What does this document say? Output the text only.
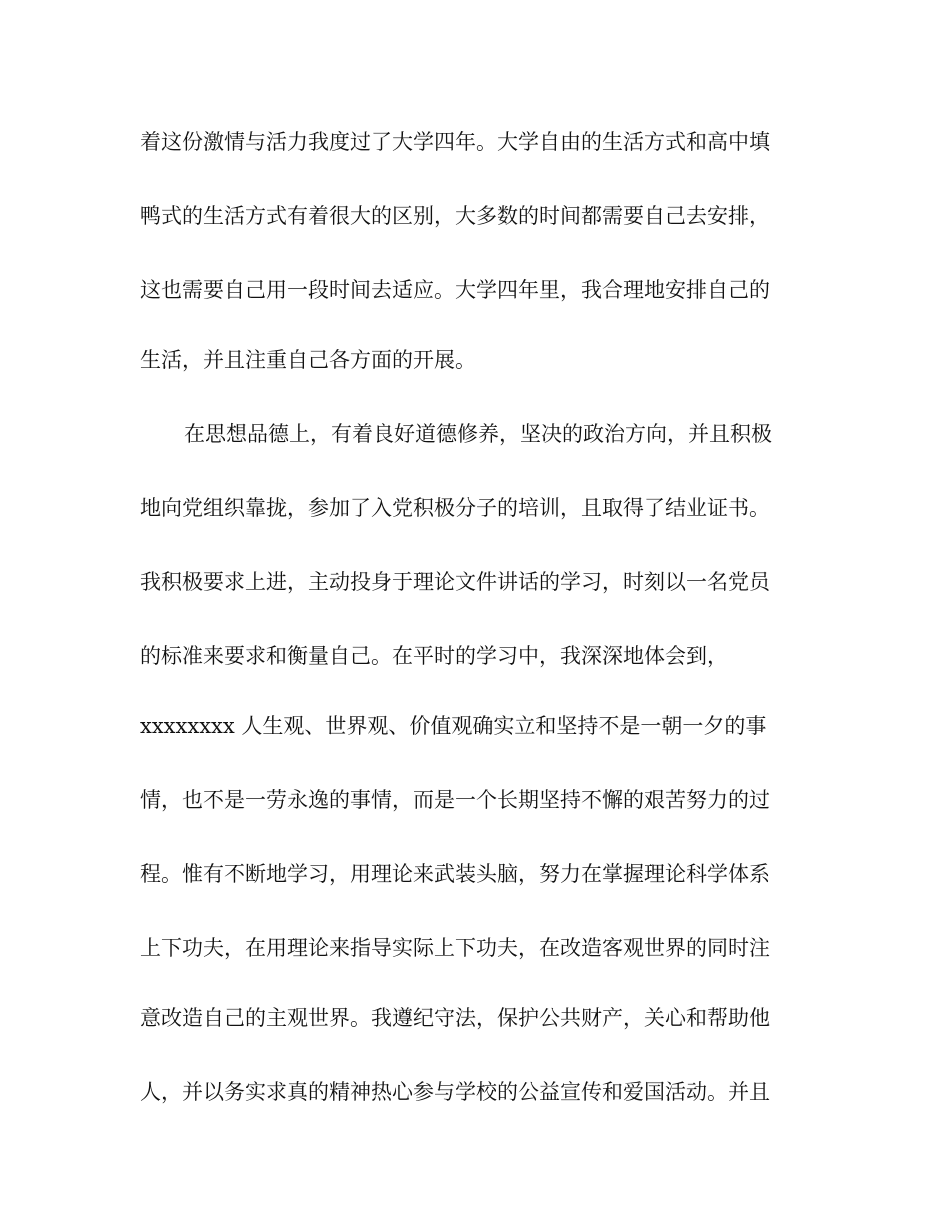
着这份激情与活力我度过了大学四年。大学自由的生活方式和高中填
鸭式的生活方式有着很大的区别，大多数的时间都需要自己去安排，
这也需要自己用一段时间去适应。大学四年里，我合理地安排自己的
生活，并且注重自己各方面的开展。
在思想品德上，有着良好道德修养，坚决的政治方向，并且积极
地向党组织靠拢，参加了入党积极分子的培训，且取得了结业证书。
我积极要求上进，主动投身于理论文件讲话的学习，时刻以一名党员
的标准来要求和衡量自己。在平时的学习中，我深深地体会到，
xxxxxxxx 人生观、世界观、价值观确实立和坚持不是一朝一夕的事
情，也不是一劳永逸的事情，而是一个长期坚持不懈的艰苦努力的过
程。惟有不断地学习，用理论来武装头脑，努力在掌握理论科学体系
上下功夫，在用理论来指导实际上下功夫，在改造客观世界的同时注
意改造自己的主观世界。我遵纪守法，保护公共财产，关心和帮助他
人，并以务实求真的精神热心参与学校的公益宣传和爱国活动。并且
